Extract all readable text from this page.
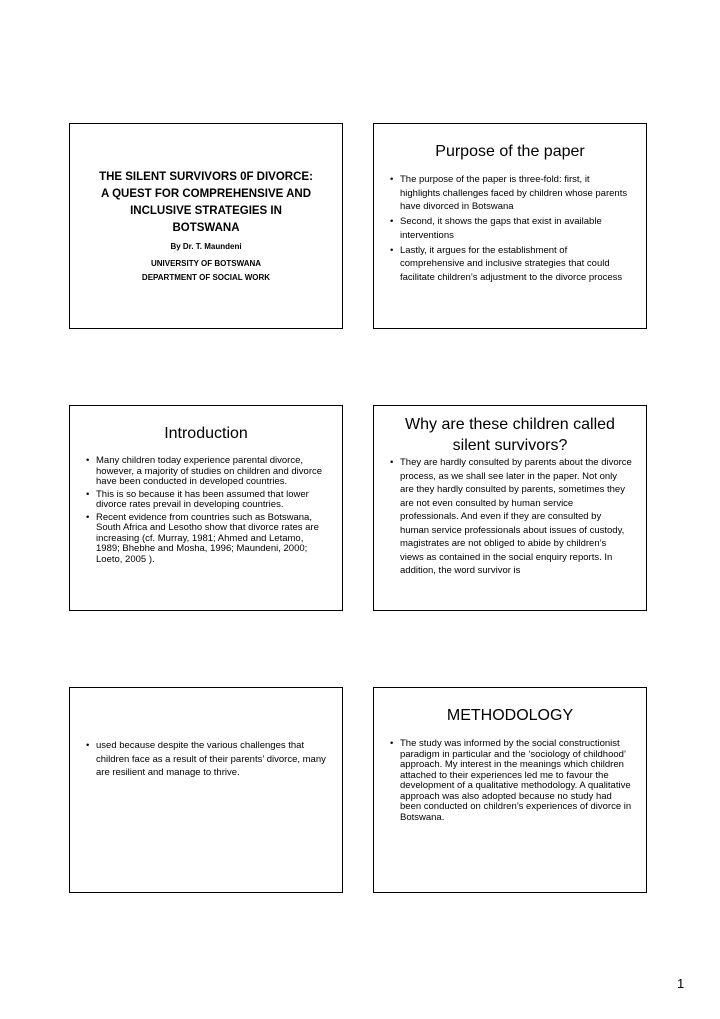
THE SILENT SURVIVORS 0F DIVORCE:
A QUEST FOR COMPREHENSIVE AND
INCLUSIVE STRATEGIES IN
BOTSWANA
By Dr. T. Maundeni
UNIVERSITY OF BOTSWANA
DEPARTMENT OF SOCIAL WORK
Purpose of the paper
• The purpose of the paper is three-fold: first, it highlights challenges faced by children whose parents have divorced in Botswana
• Second, it shows the gaps that exist in available interventions
• Lastly, it argues for the establishment of comprehensive and inclusive strategies that could facilitate children’s adjustment to the divorce process
Introduction
• Many children today experience parental divorce, however, a majority of studies on children and divorce have been conducted in developed countries.
• This is so because it has been assumed that lower divorce rates prevail in developing countries.
• Recent evidence from countries such as Botswana, South Africa and Lesotho show that divorce rates are increasing (cf. Murray, 1981; Ahmed and Letamo, 1989; Bhebhe and Mosha, 1996; Maundeni, 2000; Loeto, 2005 ).
Why are these children called
silent survivors?
• They are hardly consulted by parents about the divorce process, as we shall see later in the paper. Not only are they hardly consulted by parents, sometimes they are not even consulted by human service professionals. And even if they are consulted by human service professionals about issues of custody, magistrates are not obliged to abide by children’s views as contained in the social enquiry reports. In addition, the word survivor is
• used because despite the various challenges that children face as a result of their parents’ divorce, many are resilient and manage to thrive.
METHODOLOGY
• The study was informed by the social constructionist paradigm in particular and the ‘sociology of childhood’ approach. My interest in the meanings which children attached to their experiences led me to favour the development of a qualitative methodology. A qualitative approach was also adopted because no study had been conducted on children’s experiences of divorce in Botswana.
1
